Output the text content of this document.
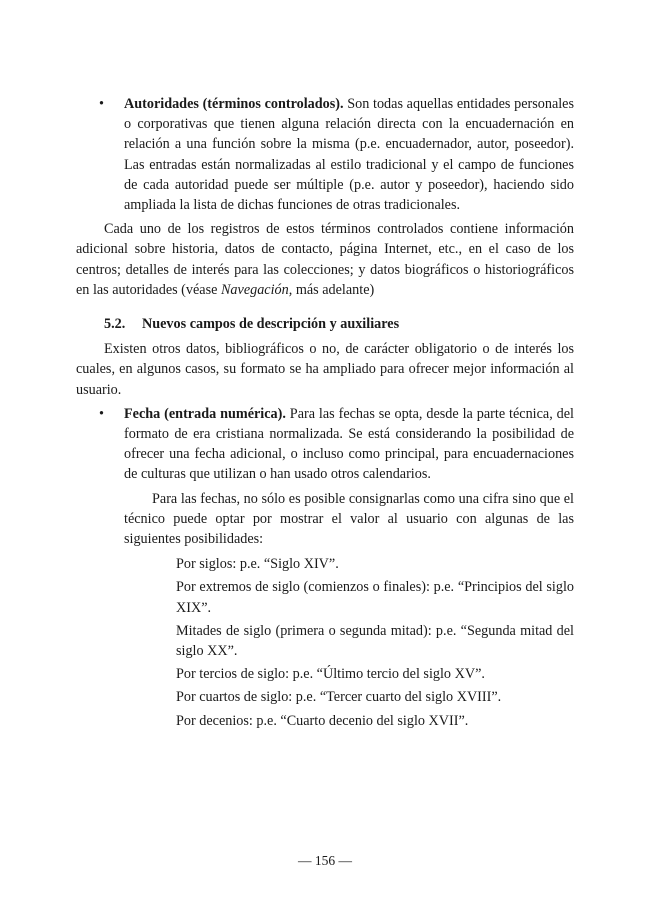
• Autoridades (términos controlados). Son todas aquellas entidades personales o corporativas que tienen alguna relación directa con la encuadernación en relación a una función sobre la misma (p.e. encuadernador, autor, poseedor). Las entradas están normalizadas al estilo tradicional y el campo de funciones de cada autoridad puede ser múltiple (p.e. autor y poseedor), haciendo sido ampliada la lista de dichas funciones de otras tradicionales.
Cada uno de los registros de estos términos controlados contiene información adicional sobre historia, datos de contacto, página Internet, etc., en el caso de los centros; detalles de interés para las colecciones; y datos biográficos o historiográficos en las autoridades (véase Navegación, más adelante)
5.2. Nuevos campos de descripción y auxiliares
Existen otros datos, bibliográficos o no, de carácter obligatorio o de interés los cuales, en algunos casos, su formato se ha ampliado para ofrecer mejor información al usuario.
• Fecha (entrada numérica). Para las fechas se opta, desde la parte técnica, del formato de era cristiana normalizada. Se está considerando la posibilidad de ofrecer una fecha adicional, o incluso como principal, para encuadernaciones de culturas que utilizan o han usado otros calendarios.
Para las fechas, no sólo es posible consignarlas como una cifra sino que el técnico puede optar por mostrar el valor al usuario con algunas de las siguientes posibilidades:
Por siglos: p.e. “Siglo XIV”.
Por extremos de siglo (comienzos o finales): p.e. “Principios del siglo XIX”.
Mitades de siglo (primera o segunda mitad): p.e. “Segunda mitad del siglo XX”.
Por tercios de siglo: p.e. “Último tercio del siglo XV”.
Por cuartos de siglo: p.e. “Tercer cuarto del siglo XVIII”.
Por decenios: p.e. “Cuarto decenio del siglo XVII”.
— 156 —
